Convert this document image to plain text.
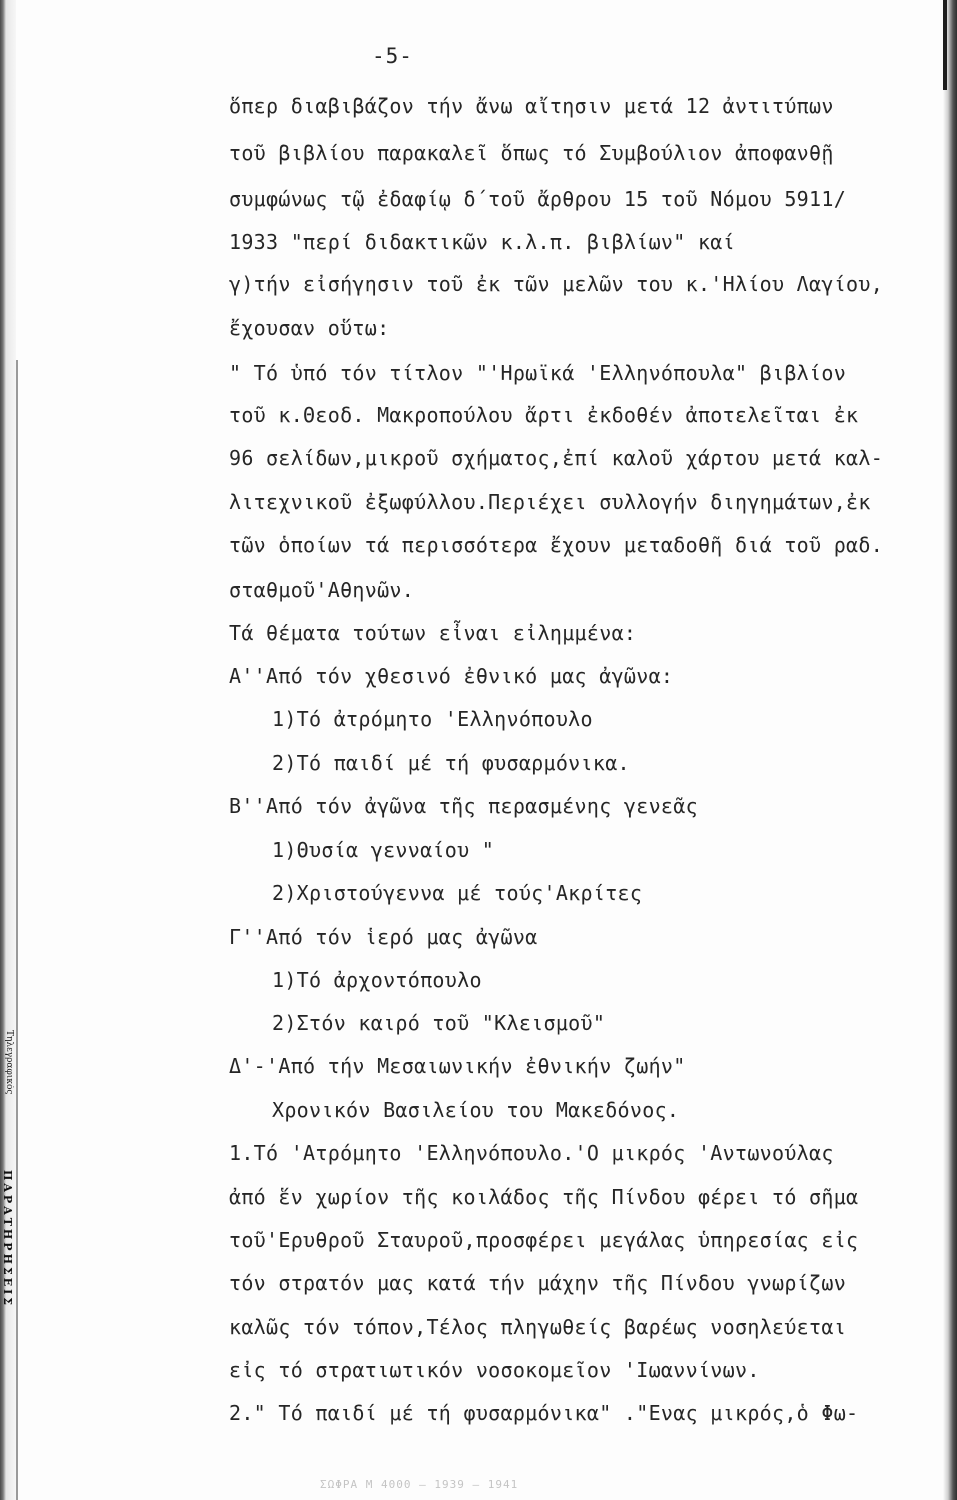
Τηλεγραφικός
ΠΑΡΑΤΗΡΗΣΕΙΣ
-5-
ὅπερ διαβιβάζον τήν ἄνω αἴτησιν μετά 12 ἀντιτύπων
τοῦ βιβλίου παρακαλεῖ ὅπως τό Συμβούλιον ἀποφανθῇ
συμφώνως τῷ ἐδαφίῳ δ΄τοῦ ἄρθρου 15 τοῦ Νόμου 5911/
1933 "περί διδακτικῶν κ.λ.π. βιβλίων" καί
γ)τήν εἰσήγησιν τοῦ ἐκ τῶν μελῶν του κ.'Ηλίου Λαγίου,
ἔχουσαν οὕτω:
" Τό ὑπό τόν τίτλον "'Ηρωϊκά 'Ελληνόπουλα" βιβλίον
τοῦ κ.Θεοδ. Μακροπούλου ἄρτι ἐκδοθέν ἀποτελεῖται ἐκ
96 σελίδων,μικροῦ σχήματος,ἐπί καλοῦ χάρτου μετά καλ-
λιτεχνικοῦ ἐξωφύλλου.Περιέχει συλλογήν διηγημάτων,ἐκ
τῶν ὁποίων τά περισσότερα ἔχουν μεταδοθῆ διά τοῦ ραδ.
σταθμοῦ'Αθηνῶν.
Τά θέματα τούτων εἶναι εἰλημμένα:
Α''Από τόν χθεσινό ἐθνικό μας ἀγῶνα:
1)Τό ἀτρόμητο 'Ελληνόπουλο
2)Τό παιδί μέ τή φυσαρμόνικα.
Β''Από τόν ἀγῶνα τῆς περασμένης γενεᾶς
1)Θυσία γενναίου "
2)Χριστούγεννα μέ τούς'Ακρίτες
Γ''Από τόν ἱερό μας ἀγῶνα
1)Τό ἀρχοντόπουλο
2)Στόν καιρό τοῦ "Κλεισμοῦ"
Δ'-'Από τήν Μεσαιωνικήν ἐθνικήν ζωήν"
Χρονικόν Βασιλείου του Μακεδόνος.
1.Τό 'Ατρόμητο 'Ελληνόπουλο.'Ο μικρός 'Αντωνούλας
ἀπό ἕν χωρίον τῆς κοιλάδος τῆς Πίνδου φέρει τό σῆμα
τοῦ'Ερυθροῦ Σταυροῦ,προσφέρει μεγάλας ὑπηρεσίας εἰς
τόν στρατόν μας κατά τήν μάχην τῆς Πίνδου γνωρίζων
καλῶς τόν τόπον,Τέλος πληγωθείς βαρέως νοσηλεύεται
εἰς τό στρατιωτικόν νοσοκομεῖον 'Ιωαννίνων.
2." Τό παιδί μέ τή φυσαρμόνικα" ."Ενας μικρός,ὁ Φω-
ΣΩΦΡΑ Μ 4000 – 1939 – 1941
